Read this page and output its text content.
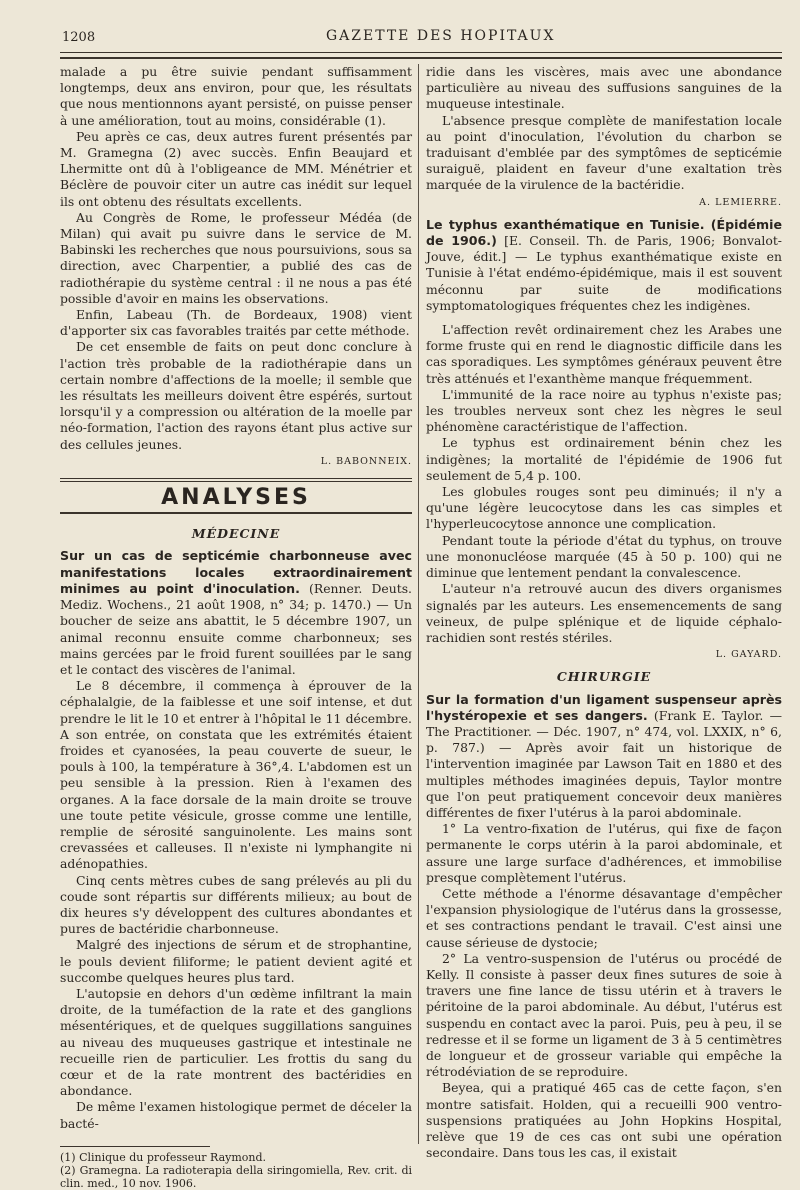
1208	GAZETTE DES HOPITAUX

malade a pu être suivie pendant suffisamment longtemps, deux ans environ, pour que, les résultats que nous mentionnons ayant persisté, on puisse penser à une amélioration, tout au moins, considérable (1).

Peu après ce cas, deux autres furent présentés par M. Gramegna (2) avec succès. Enfin Beaujard et Lhermitte ont dû à l'obligeance de MM. Ménétrier et Béclère de pouvoir citer un autre cas inédit sur lequel ils ont obtenu des résultats excellents.

Au Congrès de Rome, le professeur Médéa (de Milan) qui avait pu suivre dans le service de M. Babinski les recherches que nous poursuivions, sous sa direction, avec Charpentier, a publié des cas de radiothérapie du système central : il ne nous a pas été possible d'avoir en mains les observations.

Enfin, Labeau (Th. de Bordeaux, 1908) vient d'apporter six cas favorables traités par cette méthode.

De cet ensemble de faits on peut donc conclure à l'action très probable de la radiothérapie dans un certain nombre d'affections de la moelle; il semble que les résultats les meilleurs doivent être espérés, surtout lorsqu'il y a compression ou altération de la moelle par néo-formation, l'action des rayons étant plus active sur des cellules jeunes.

L. BABONNEIX.
ANALYSES
MÉDECINE

Sur un cas de septicémie charbonneuse avec manifestations locales extraordinairement minimes au point d'inoculation. (Renner. Deuts. Mediz. Wochens., 21 août 1908, n° 34; p. 1470.) — Un boucher de seize ans abattit, le 5 décembre 1907, un animal reconnu ensuite comme charbonneux; ses mains gercées par le froid furent souillées par le sang et le contact des viscères de l'animal.

Le 8 décembre, il commença à éprouver de la céphalalgie, de la faiblesse et une soif intense, et dut prendre le lit le 10 et entrer à l'hôpital le 11 décembre. A son entrée, on constata que les extrémités étaient froides et cyanosées, la peau couverte de sueur, le pouls à 100, la température à 36°,4. L'abdomen est un peu sensible à la pression. Rien à l'examen des organes. A la face dorsale de la main droite se trouve une toute petite vésicule, grosse comme une lentille, remplie de sérosité sanguinolente. Les mains sont crevassées et calleuses. Il n'existe ni lymphangite ni adénopathies.

Cinq cents mètres cubes de sang prélevés au pli du coude sont répartis sur différents milieux; au bout de dix heures s'y développent des cultures abondantes et pures de bactéridie charbonneuse.

Malgré des injections de sérum et de strophantine, le pouls devient filiforme; le patient devient agité et succombe quelques heures plus tard.

L'autopsie en dehors d'un œdème infiltrant la main droite, de la tuméfaction de la rate et des ganglions mésentériques, et de quelques suggillations sanguines au niveau des muqueuses gastrique et intestinale ne recueille rien de particulier. Les frottis du sang du cœur et de la rate montrent des bactéridies en abondance.

De même l'examen histologique permet de déceler la bacté-

(1) Clinique du professeur Raymond.

(2) Gramegna. La radioterapia della siringomiella, Rev. crit. di clin. med., 10 nov. 1906.

ridie dans les viscères, mais avec une abondance particulière au niveau des suffusions sanguines de la muqueuse intestinale.

L'absence presque complète de manifestation locale au point d'inoculation, l'évolution du charbon se traduisant d'emblée par des symptômes de septicémie suraiguë, plaident en faveur d'une exaltation très marquée de la virulence de la bactéridie.

A. LEMIERRE.

Le typhus exanthématique en Tunisie. (Épidémie de 1906.) [E. Conseil. Th. de Paris, 1906; Bonvalot-Jouve, édit.] — Le typhus exanthématique existe en Tunisie à l'état endémo-épidémique, mais il est souvent méconnu par suite de modifications symptomatologiques fréquentes chez les indigènes.

L'affection revêt ordinairement chez les Arabes une forme fruste qui en rend le diagnostic difficile dans les cas sporadiques. Les symptômes généraux peuvent être très atténués et l'exanthème manque fréquemment.

L'immunité de la race noire au typhus n'existe pas; les troubles nerveux sont chez les nègres le seul phénomène caractéristique de l'affection.

Le typhus est ordinairement bénin chez les indigènes; la mortalité de l'épidémie de 1906 fut seulement de 5,4 p. 100.

Les globules rouges sont peu diminués; il n'y a qu'une légère leucocytose dans les cas simples et l'hyperleucocytose annonce une complication.

Pendant toute la période d'état du typhus, on trouve une mononucléose marquée (45 à 50 p. 100) qui ne diminue que lentement pendant la convalescence.

L'auteur n'a retrouvé aucun des divers organismes signalés par les auteurs. Les ensemencements de sang veineux, de pulpe splénique et de liquide céphalo-rachidien sont restés stériles.

L. GAYARD.
CHIRURGIE

Sur la formation d'un ligament suspenseur après l'hystéropexie et ses dangers. (Frank E. Taylor. — The Practitioner. — Déc. 1907, n° 474, vol. LXXIX, n° 6, p. 787.) — Après avoir fait un historique de l'intervention imaginée par Lawson Tait en 1880 et des multiples méthodes imaginées depuis, Taylor montre que l'on peut pratiquement concevoir deux manières différentes de fixer l'utérus à la paroi abdominale.

1° La ventro-fixation de l'utérus, qui fixe de façon permanente le corps utérin à la paroi abdominale, et assure une large surface d'adhérences, et immobilise presque complètement l'utérus.

Cette méthode a l'énorme désavantage d'empêcher l'expansion physiologique de l'utérus dans la grossesse, et ses contractions pendant le travail. C'est ainsi une cause sérieuse de dystocie;

2° La ventro-suspension de l'utérus ou procédé de Kelly. Il consiste à passer deux fines sutures de soie à travers une fine lance de tissu utérin et à travers le péritoine de la paroi abdominale. Au début, l'utérus est suspendu en contact avec la paroi. Puis, peu à peu, il se redresse et il se forme un ligament de 3 à 5 centimètres de longueur et de grosseur variable qui empêche la rétrodéviation de se reproduire.

Beyea, qui a pratiqué 465 cas de cette façon, s'en montre satisfait. Holden, qui a recueilli 900 ventro-suspensions pratiquées au John Hopkins Hospital, relève que 19 de ces cas ont subi une opération secondaire. Dans tous les cas, il existait
